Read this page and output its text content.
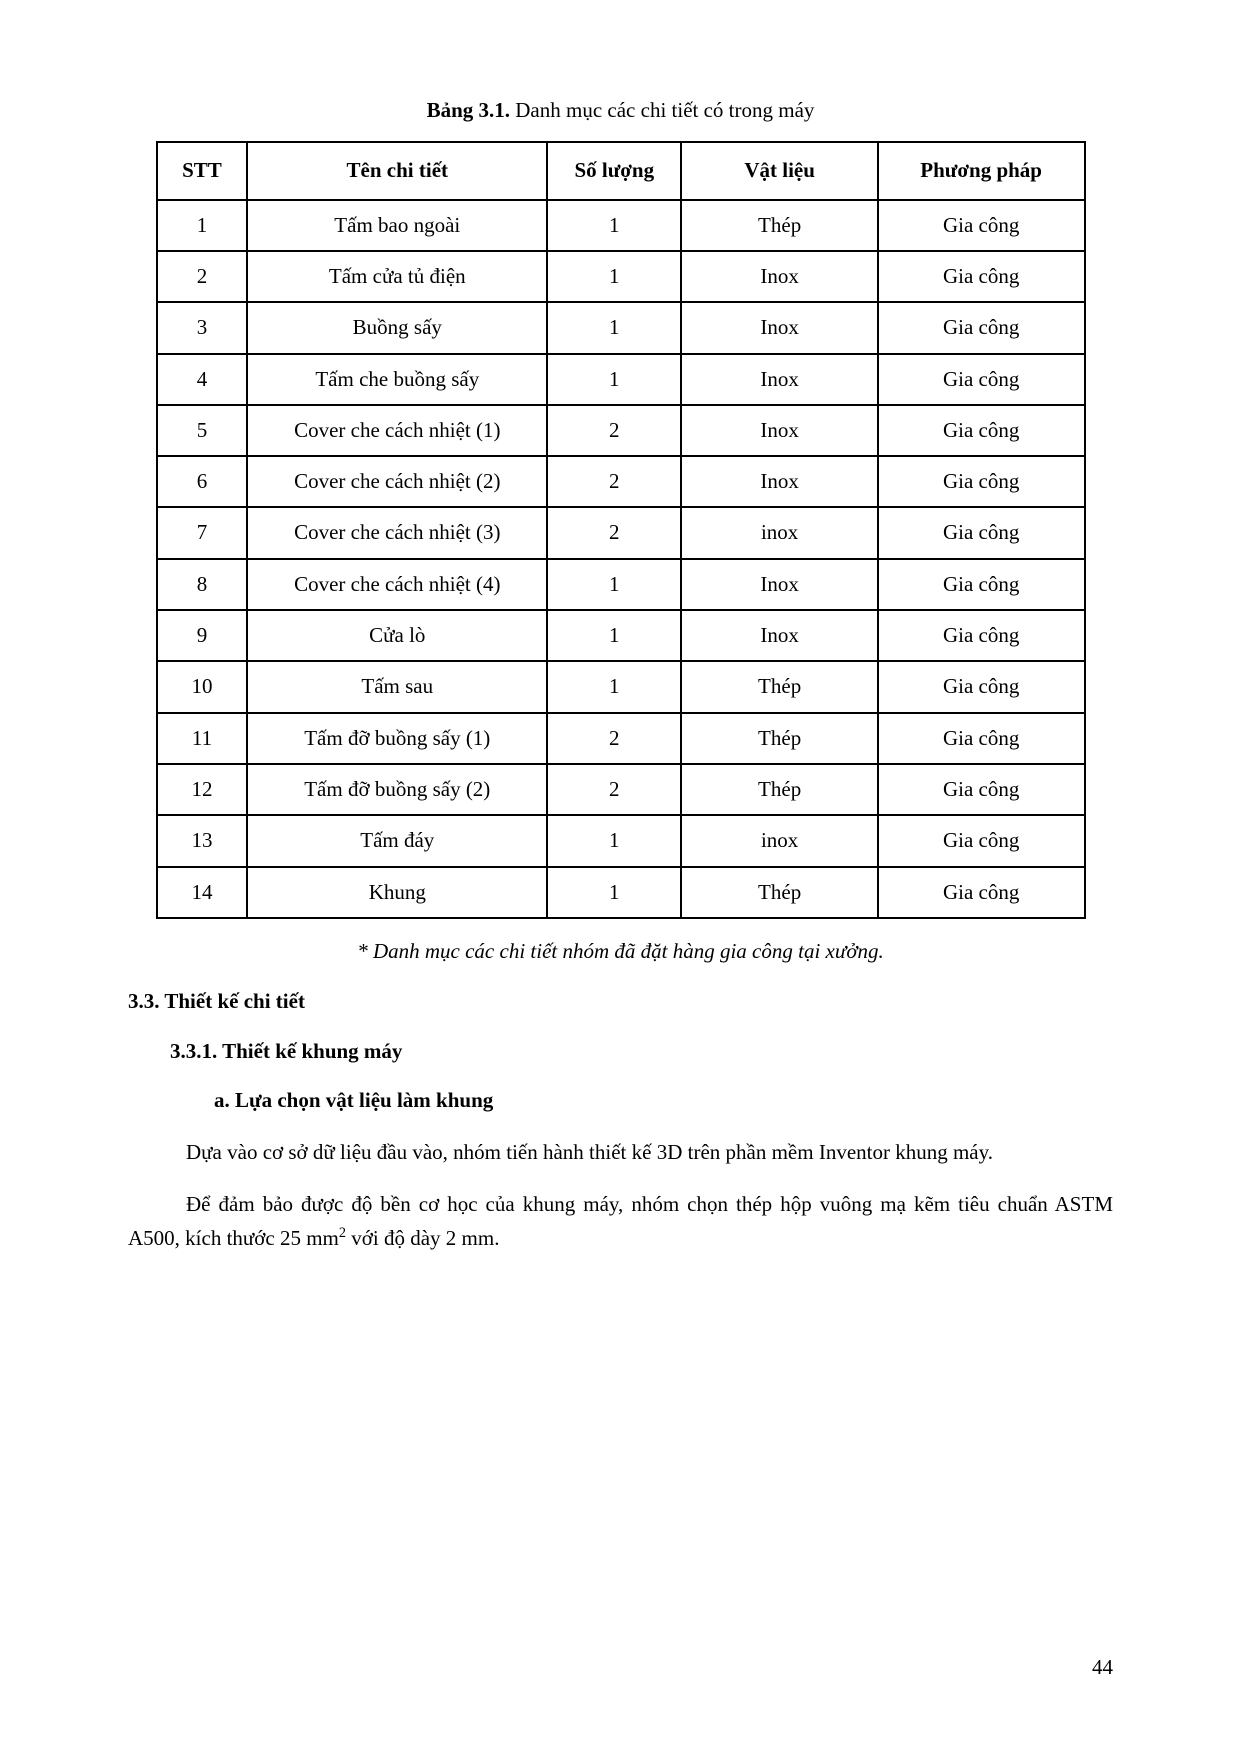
Bảng 3.1. Danh mục các chi tiết có trong máy
STT	Tên chi tiết	Số lượng	Vật liệu	Phương pháp
1	Tấm bao ngoài	1	Thép	Gia công
2	Tấm cửa tủ điện	1	Inox	Gia công
3	Buồng sấy	1	Inox	Gia công
4	Tấm che buồng sấy	1	Inox	Gia công
5	Cover che cách nhiệt (1)	2	Inox	Gia công
6	Cover che cách nhiệt (2)	2	Inox	Gia công
7	Cover che cách nhiệt (3)	2	inox	Gia công
8	Cover che cách nhiệt (4)	1	Inox	Gia công
9	Cửa lò	1	Inox	Gia công
10	Tấm sau	1	Thép	Gia công
11	Tấm đỡ buồng sấy (1)	2	Thép	Gia công
12	Tấm đỡ buồng sấy (2)	2	Thép	Gia công
13	Tấm đáy	1	inox	Gia công
14	Khung	1	Thép	Gia công

* Danh mục các chi tiết nhóm đã đặt hàng gia công tại xưởng.

3.3. Thiết kế chi tiết
3.3.1. Thiết kế khung máy
a. Lựa chọn vật liệu làm khung

Dựa vào cơ sở dữ liệu đầu vào, nhóm tiến hành thiết kế 3D trên phần mềm Inventor khung máy.

Để đảm bảo được độ bền cơ học của khung máy, nhóm chọn thép hộp vuông mạ kẽm tiêu chuẩn ASTM A500, kích thước 25 $mm^2$ với độ dày 2 mm.

44
